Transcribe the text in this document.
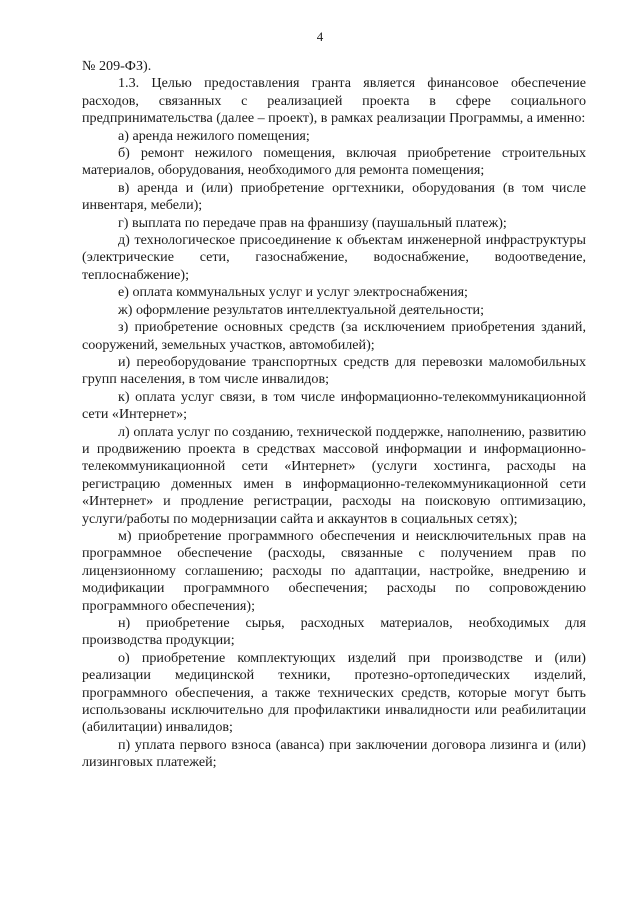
4

№ 209-ФЗ).

1.3. Целью предоставления гранта является финансовое обеспечение расходов, связанных с реализацией проекта в сфере социального предпринимательства (далее – проект), в рамках реализации Программы, а именно:

а) аренда нежилого помещения;

б) ремонт нежилого помещения, включая приобретение строительных материалов, оборудования, необходимого для ремонта помещения;

в) аренда и (или) приобретение оргтехники, оборудования (в том числе инвентаря, мебели);

г) выплата по передаче прав на франшизу (паушальный платеж);

д) технологическое присоединение к объектам инженерной инфраструктуры (электрические сети, газоснабжение, водоснабжение, водоотведение, теплоснабжение);

е) оплата коммунальных услуг и услуг электроснабжения;

ж) оформление результатов интеллектуальной деятельности;

з) приобретение основных средств (за исключением приобретения зданий, сооружений, земельных участков, автомобилей);

и) переоборудование транспортных средств для перевозки маломобильных групп населения, в том числе инвалидов;

к) оплата услуг связи, в том числе информационно-телекоммуникационной сети «Интернет»;

л) оплата услуг по созданию, технической поддержке, наполнению, развитию и продвижению проекта в средствах массовой информации и информационно-телекоммуникационной сети «Интернет» (услуги хостинга, расходы на регистрацию доменных имен в информационно-телекоммуникационной сети «Интернет» и продление регистрации, расходы на поисковую оптимизацию, услуги/работы по модернизации сайта и аккаунтов в социальных сетях);

м) приобретение программного обеспечения и неисключительных прав на программное обеспечение (расходы, связанные с получением прав по лицензионному соглашению; расходы по адаптации, настройке, внедрению и модификации программного обеспечения; расходы по сопровождению программного обеспечения);

н) приобретение сырья, расходных материалов, необходимых для производства продукции;

о) приобретение комплектующих изделий при производстве и (или) реализации медицинской техники, протезно-ортопедических изделий, программного обеспечения, а также технических средств, которые могут быть использованы исключительно для профилактики инвалидности или реабилитации (абилитации) инвалидов;

п) уплата первого взноса (аванса) при заключении договора лизинга и (или) лизинговых платежей;
